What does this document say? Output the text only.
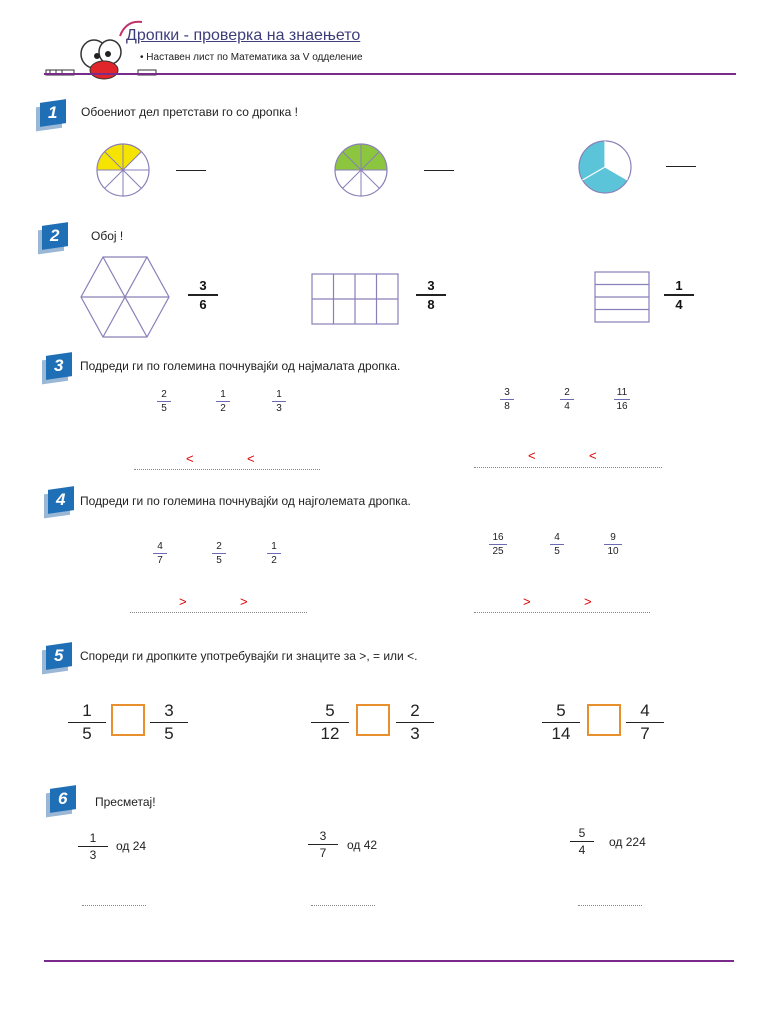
Дропки - проверка на знаењето
• Наставен лист по Математика за V одделение
1 Обоениот дел претстави го со дропка !
2	Обој !
3
6
3
8
1
4
3 Подреди ги по големина почнувајќи од најмалата дропка.
2
5
1
2
1
3
<	<
3
8
2
4
11
16
<	<
4 Подреди ги по големина почнувајќи од најголемата дропка.
4
7
2
5
1
2
>	>
16
25
4
5
9
10
>	>
5 Спореди ги дропките употребувајќи ги знаците за >, = или <.
1
5
3
5
5
12
2
3
5
14
4
7
6 Пресметај!
1
3
од 24
3
7
од 42
5
4
од 224
